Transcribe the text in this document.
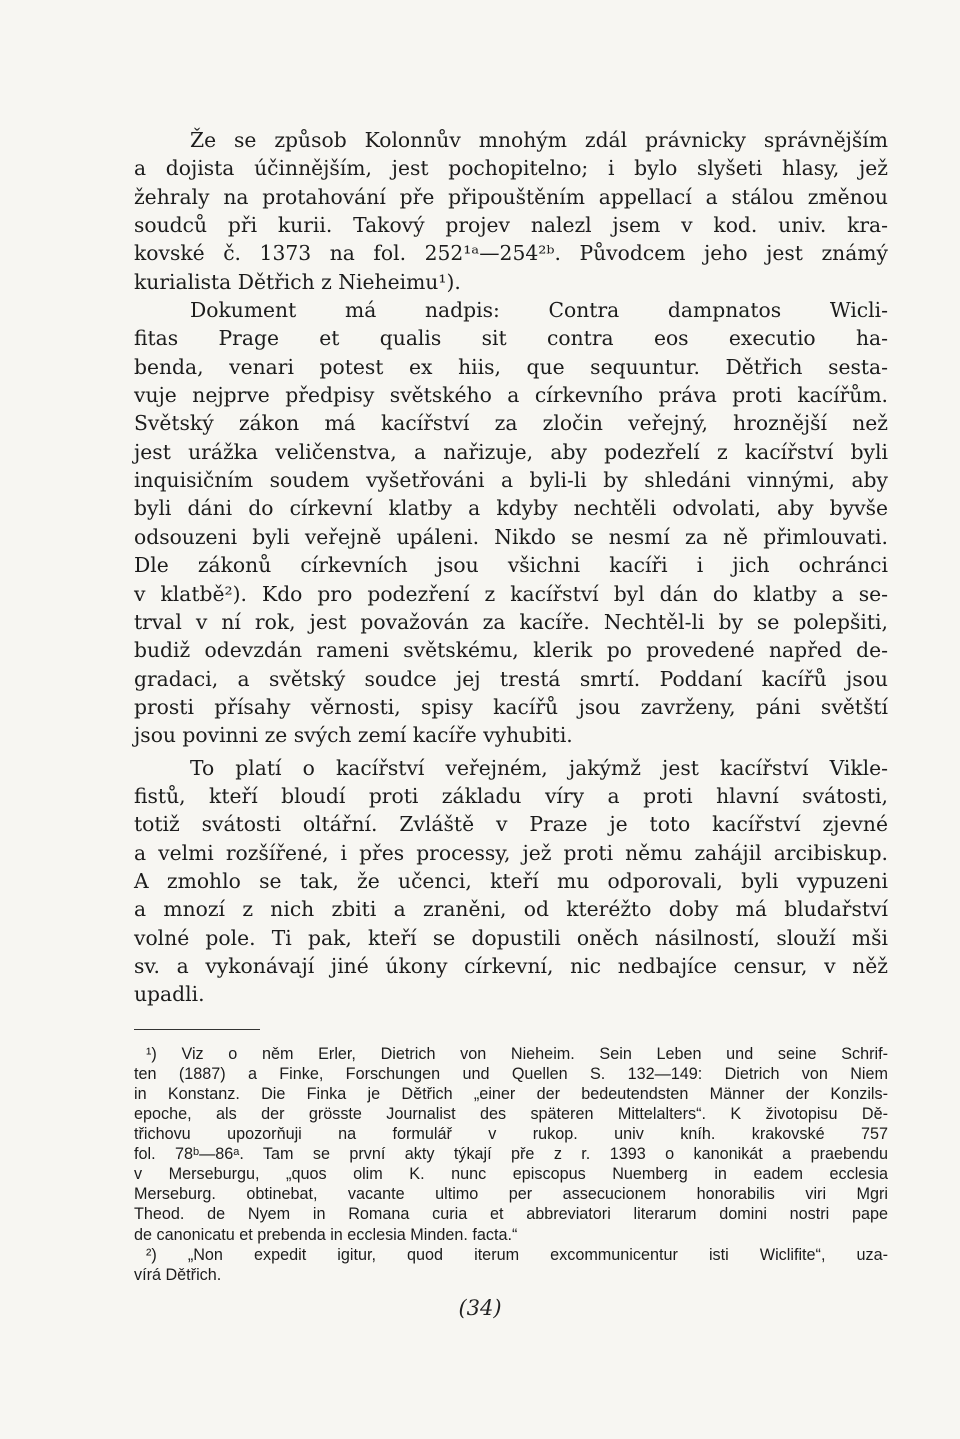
Že se způsob Kolonnův mnohým zdál právnicky správnějším
a dojista účinnějším, jest pochopitelno; i bylo slyšeti hlasy, jež
žehraly na protahování pře připouštěním appellací a stálou změnou
soudců při kurii. Takový projev nalezl jsem v kod. univ. kra-
kovské č. 1373 na fol. 252¹ᵃ—254²ᵇ. Původcem jeho jest známý
kurialista Dětřich z Nieheimu¹).
Dokument má nadpis: Contra dampnatos Wicli-
fitas Prage et qualis sit contra eos executio ha-
benda, venari potest ex hiis, que sequuntur. Dětřich sesta-
vuje nejprve předpisy světského a církevního práva proti kacířům.
Světský zákon má kacířství za zločin veřejný, hroznější než
jest urážka veličenstva, a nařizuje, aby podezřelí z kacířství byli
inquisičním soudem vyšetřováni a byli-li by shledáni vinnými, aby
byli dáni do církevní klatby a kdyby nechtěli odvolati, aby byvše
odsouzeni byli veřejně upáleni. Nikdo se nesmí za ně přimlouvati.
Dle zákonů církevních jsou všichni kacíři i jich ochránci
v klatbě²). Kdo pro podezření z kacířství byl dán do klatby a se-
trval v ní rok, jest považován za kacíře. Nechtěl-li by se polepšiti,
budiž odevzdán rameni světskému, klerik po provedené napřed de-
gradaci, a světský soudce jej trestá smrtí. Poddaní kacířů jsou
prosti přísahy věrnosti, spisy kacířů jsou zavrženy, páni světští
jsou povinni ze svých zemí kacíře vyhubiti.
To platí o kacířství veřejném, jakýmž jest kacířství Vikle-
fistů, kteří bloudí proti základu víry a proti hlavní svátosti,
totiž svátosti oltářní. Zvláště v Praze je toto kacířství zjevné
a velmi rozšířené, i přes processy, jež proti němu zahájil arcibiskup.
A zmohlo se tak, že učenci, kteří mu odporovali, byli vypuzeni
a mnozí z nich zbiti a zraněni, od kteréžto doby má bludařství
volné pole. Ti pak, kteří se dopustili oněch násilností, slouží mši
sv. a vykonávají jiné úkony církevní, nic nedbajíce censur, v něž
upadli.
¹) Viz o něm Erler, Dietrich von Nieheim. Sein Leben und seine Schrif-
ten (1887) a Finke, Forschungen und Quellen S. 132—149: Dietrich von Niem
in Konstanz. Die Finka je Dětřich „einer der bedeutendsten Männer der Konzils-
epoche, als der grösste Journalist des späteren Mittelalters“. K životopisu Dě-
třichovu upozorňuji na formulář v rukop. univ kníh. krakovské 757
fol. 78ᵇ—86ᵃ. Tam se první akty týkají pře z r. 1393 o kanonikát a praebendu
v Merseburgu, „quos olim K. nunc episcopus Nuemberg in eadem ecclesia
Merseburg. obtinebat, vacante ultimo per assecucionem honorabilis viri Mgri
Theod. de Nyem in Romana curia et abbreviatori literarum domini nostri pape
de canonicatu et prebenda in ecclesia Minden. facta.“
²) „Non expedit igitur, quod iterum excommunicentur isti Wiclifite“, uza-
vírá Dětřich.
(34)
